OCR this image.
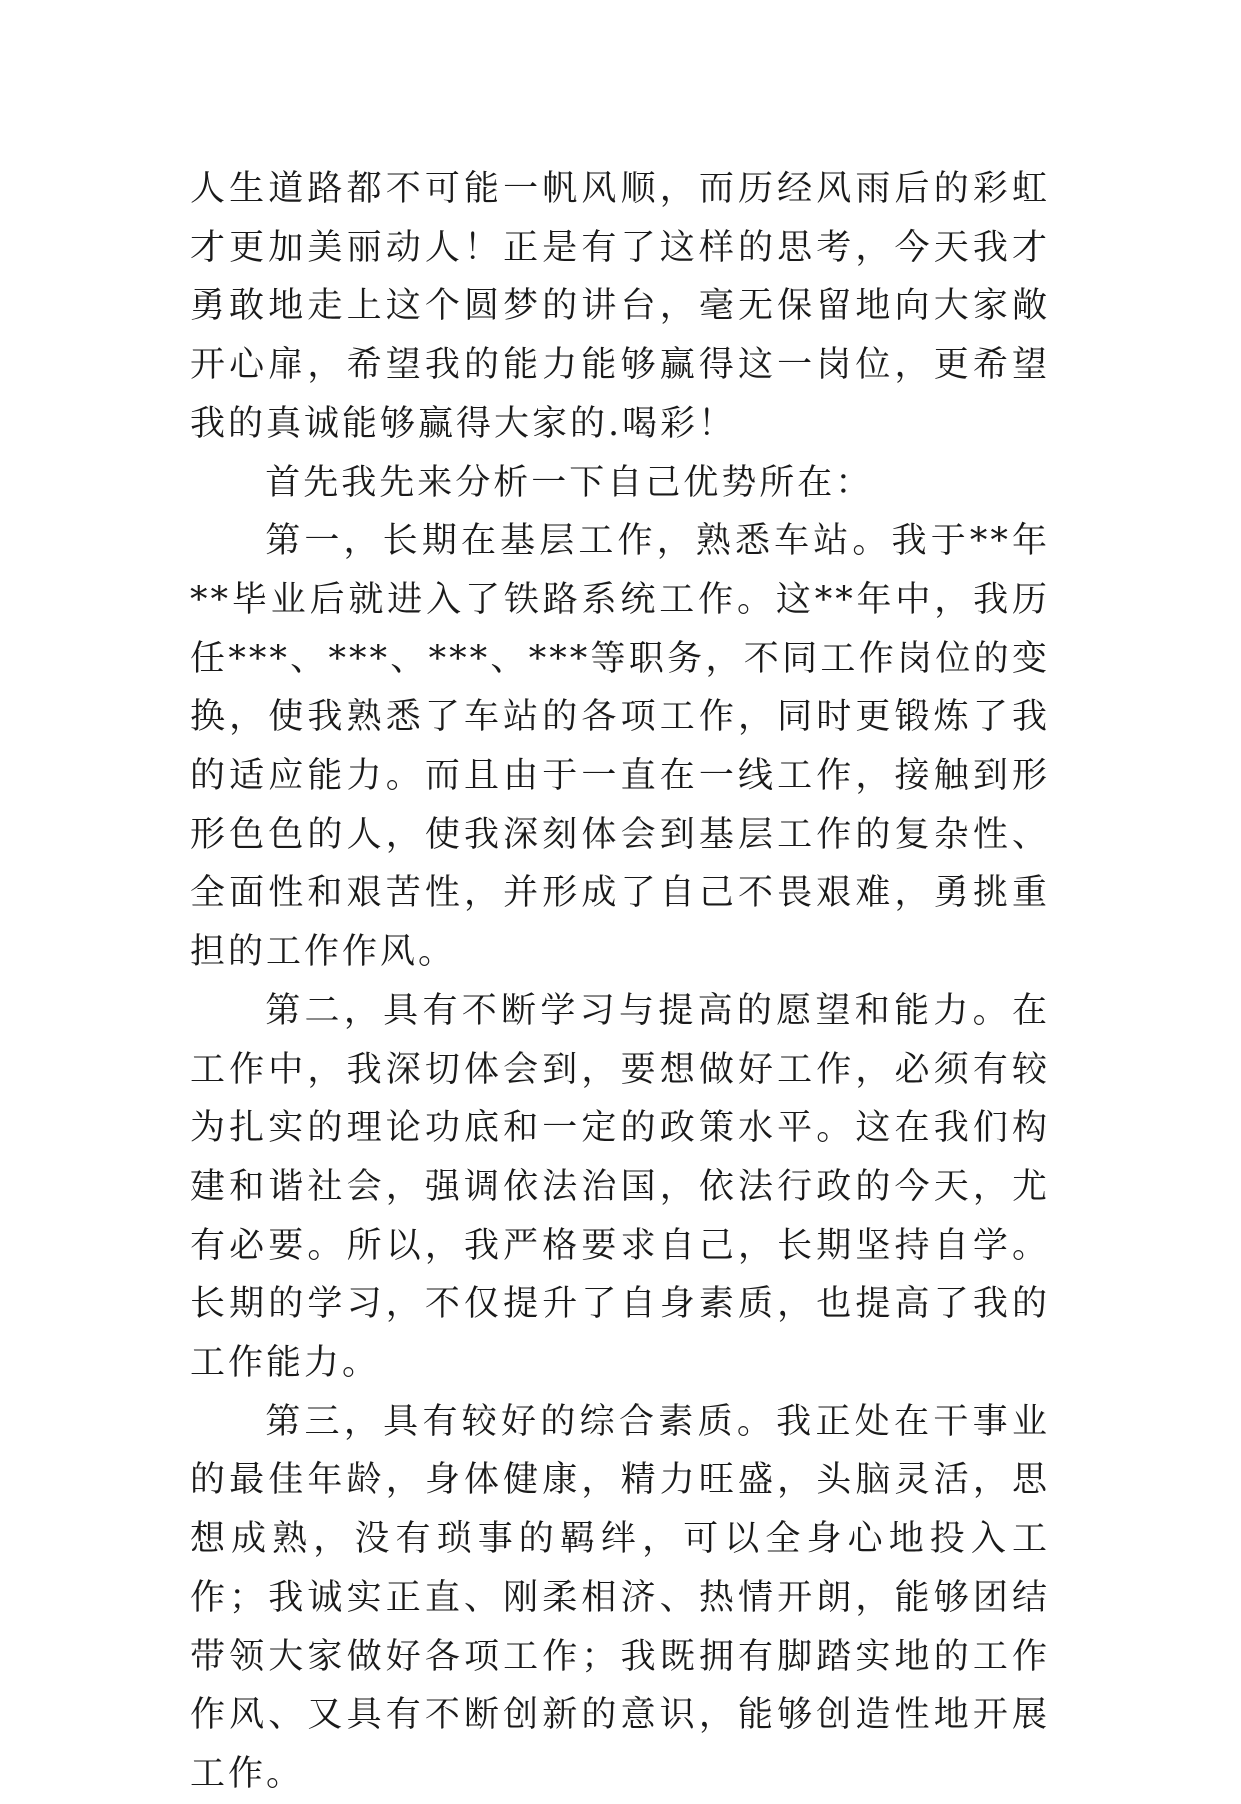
人生道路都不可能一帆风顺，而历经风雨后的彩虹才更加美丽动人！正是有了这样的思考，今天我才勇敢地走上这个圆梦的讲台，毫无保留地向大家敞开心扉，希望我的能力能够赢得这一岗位，更希望我的真诚能够赢得大家的.喝彩！

首先我先来分析一下自己优势所在：

第一，长期在基层工作，熟悉车站。我于**年**毕业后就进入了铁路系统工作。这**年中，我历任***、***、***、***等职务，不同工作岗位的变换，使我熟悉了车站的各项工作，同时更锻炼了我的适应能力。而且由于一直在一线工作，接触到形形色色的人，使我深刻体会到基层工作的复杂性、全面性和艰苦性，并形成了自己不畏艰难，勇挑重担的工作作风。

第二，具有不断学习与提高的愿望和能力。在工作中，我深切体会到，要想做好工作，必须有较为扎实的理论功底和一定的政策水平。这在我们构建和谐社会，强调依法治国，依法行政的今天，尤有必要。所以，我严格要求自己，长期坚持自学。长期的学习，不仅提升了自身素质，也提高了我的工作能力。

第三，具有较好的综合素质。我正处在干事业的最佳年龄，身体健康，精力旺盛，头脑灵活，思想成熟，没有琐事的羁绊，可以全身心地投入工作；我诚实正直、刚柔相济、热情开朗，能够团结带领大家做好各项工作；我既拥有脚踏实地的工作作风、又具有不断创新的意识，能够创造性地开展工作。
